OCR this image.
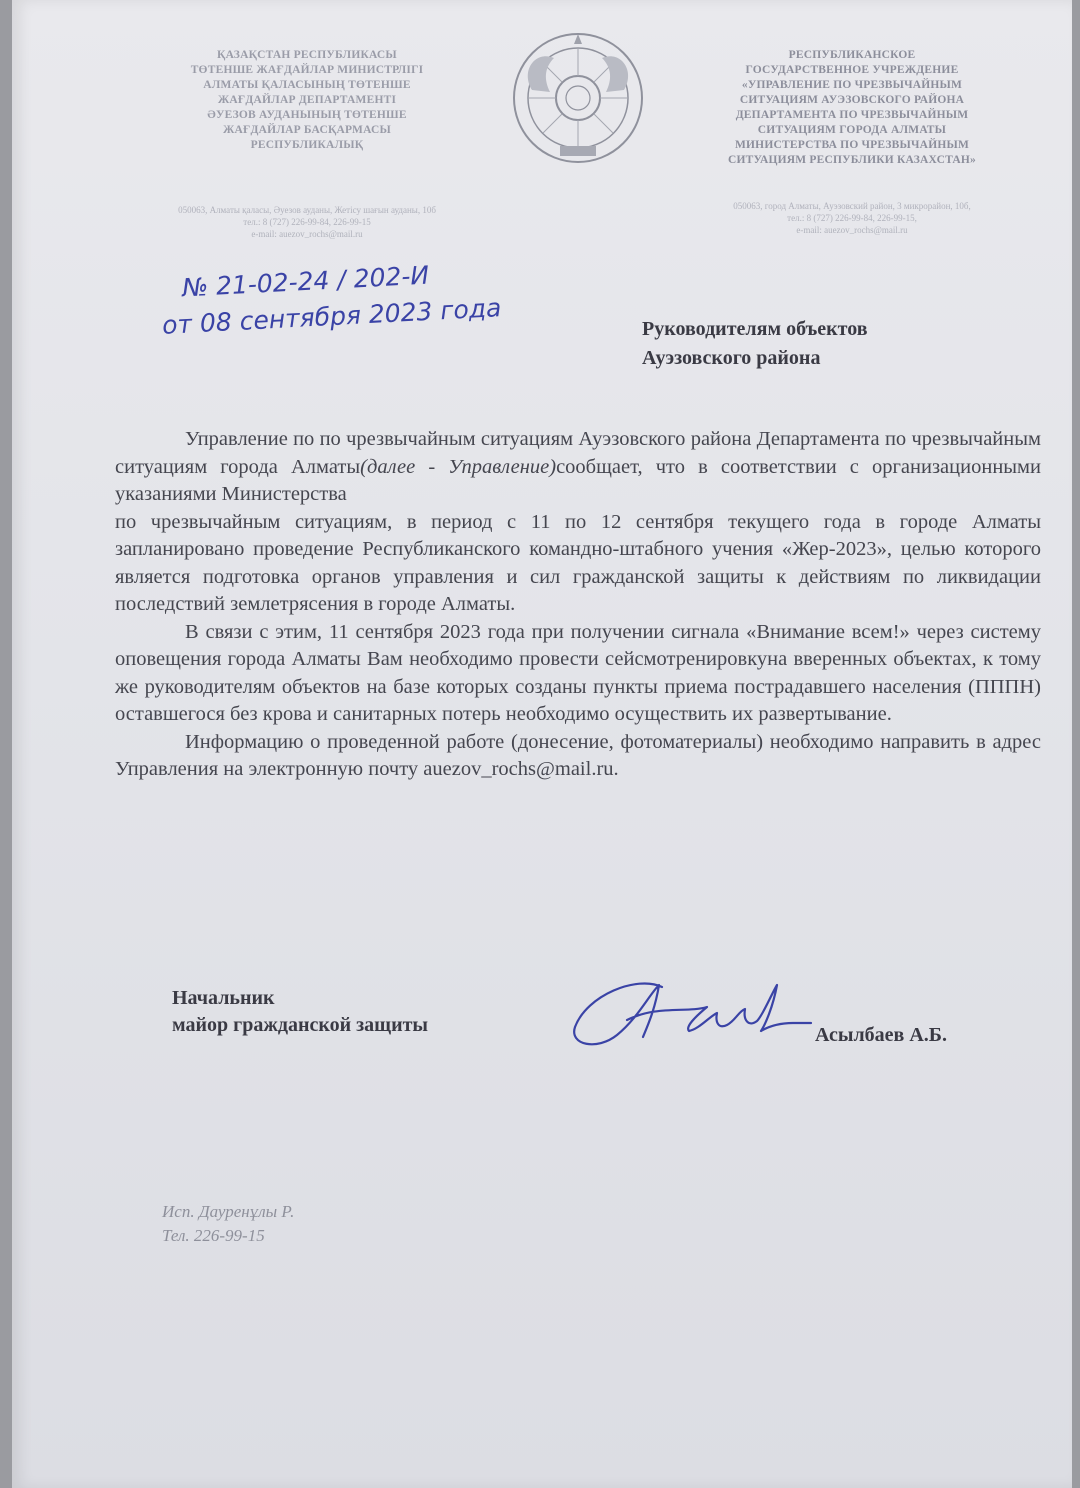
ҚАЗАҚСТАН РЕСПУБЛИКАСЫ
ТӨТЕНШЕ ЖАҒДАЙЛАР МИНИСТРЛІГІ
АЛМАТЫ ҚАЛАСЫНЫҢ ТӨТЕНШЕ
ЖАҒДАЙЛАР ДЕПАРТАМЕНТІ
ӘУЕЗОВ АУДАНЫНЫҢ ТӨТЕНШЕ
ЖАҒДАЙЛАР БАСҚАРМАСЫ
РЕСПУБЛИКАЛЫҚ
050063, Алматы қаласы, Әуезов ауданы, Жетісу шағын ауданы, 10б
тел.: 8 (727) 226-99-84, 226-99-15
e-mail: auezov_rochs@mail.ru
РЕСПУБЛИКАНСКОЕ
ГОСУДАРСТВЕННОЕ УЧРЕЖДЕНИЕ
«УПРАВЛЕНИЕ ПО ЧРЕЗВЫЧАЙНЫМ
СИТУАЦИЯМ АУЭЗОВСКОГО РАЙОНА
ДЕПАРТАМЕНТА ПО ЧРЕЗВЫЧАЙНЫМ
СИТУАЦИЯМ ГОРОДА АЛМАТЫ
МИНИСТЕРСТВА ПО ЧРЕЗВЫЧАЙНЫМ
СИТУАЦИЯМ РЕСПУБЛИКИ КАЗАХСТАН»
050063, город Алматы, Ауэзовский район, 3 микрорайон, 10б,
тел.: 8 (727) 226-99-84, 226-99-15,
e-mail: auezov_rochs@mail.ru
№ 21-02-24 / 202-И
от 08 сентября 2023 года	Руководителям объектов
Ауэзовского района

Управление по по чрезвычайным ситуациям Ауэзовского района Департамента по чрезвычайным ситуациям города Алматы(далее - Управление)сообщает, что в соответствии с организационными указаниями Министерства

по чрезвычайным ситуациям, в период с 11 по 12 сентября текущего года в городе Алматы запланировано проведение Республиканского командно-штабного учения «Жер-2023», целью которого является подготовка органов управления и сил гражданской защиты к действиям по ликвидации последствий землетрясения в городе Алматы.

В связи с этим, 11 сентября 2023 года при получении сигнала «Внимание всем!» через систему оповещения города Алматы Вам необходимо провести сейсмотренировкуна вверенных объектах, к тому же руководителям объектов на базе которых созданы пункты приема пострадавшего населения (ПППН) оставшегося без крова и санитарных потерь необходимо осуществить их развертывание.

Информацию о проведенной работе (донесение, фотоматериалы) необходимо направить в адрес Управления на электронную почту auezov_rochs@mail.ru.

Начальник
майор гражданской защиты	Асылбаев А.Б.
Исп. Дауренұлы Р.
Тел. 226-99-15
